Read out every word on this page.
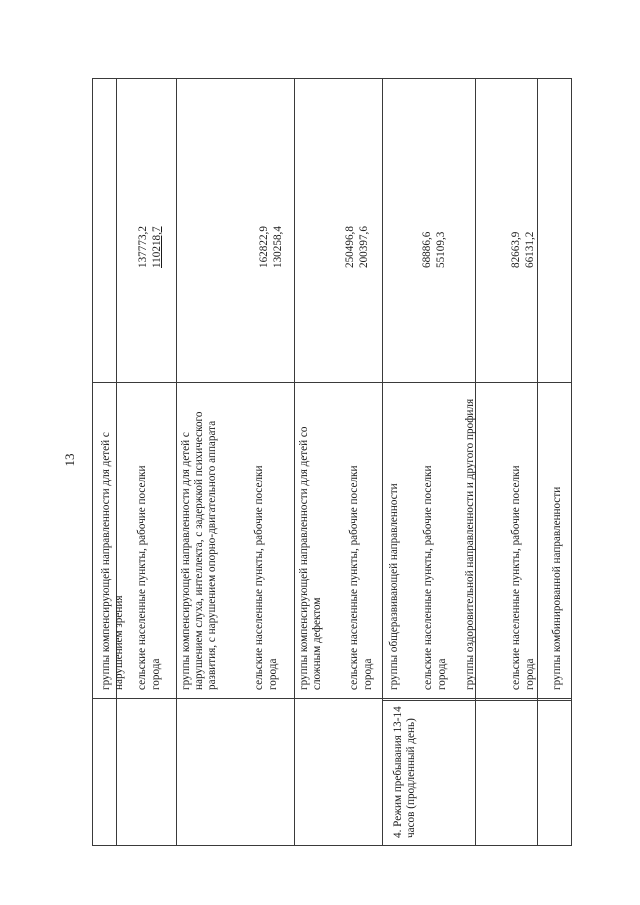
13
4. Режим пребывания 13-14 часов (продленный день)
группы компенсирующей направленности для детей с нарушением зрения сельские населенные пункты, рабочие поселки города
137773,2 110218,7
группы компенсирующей направленности для детей с нарушением слуха, интеллекта, с задержкой психического развития, с нарушением опорно-двигательного аппарата	сельские населенные пункты, рабочие поселки города
162822,9 130258,4
группы компенсирующей направленности для детей со сложным дефектом сельские населенные пункты, рабочие поселки города
250496,8 200397,6
группы общеразвивающей направленности сельские населенные пункты, рабочие поселки города
68886,6 55109,3
группы оздоровительной направленности и другого профиля	сельские населенные пункты, рабочие поселки города
82663,9 66131,2
группы комбинированной направленности
